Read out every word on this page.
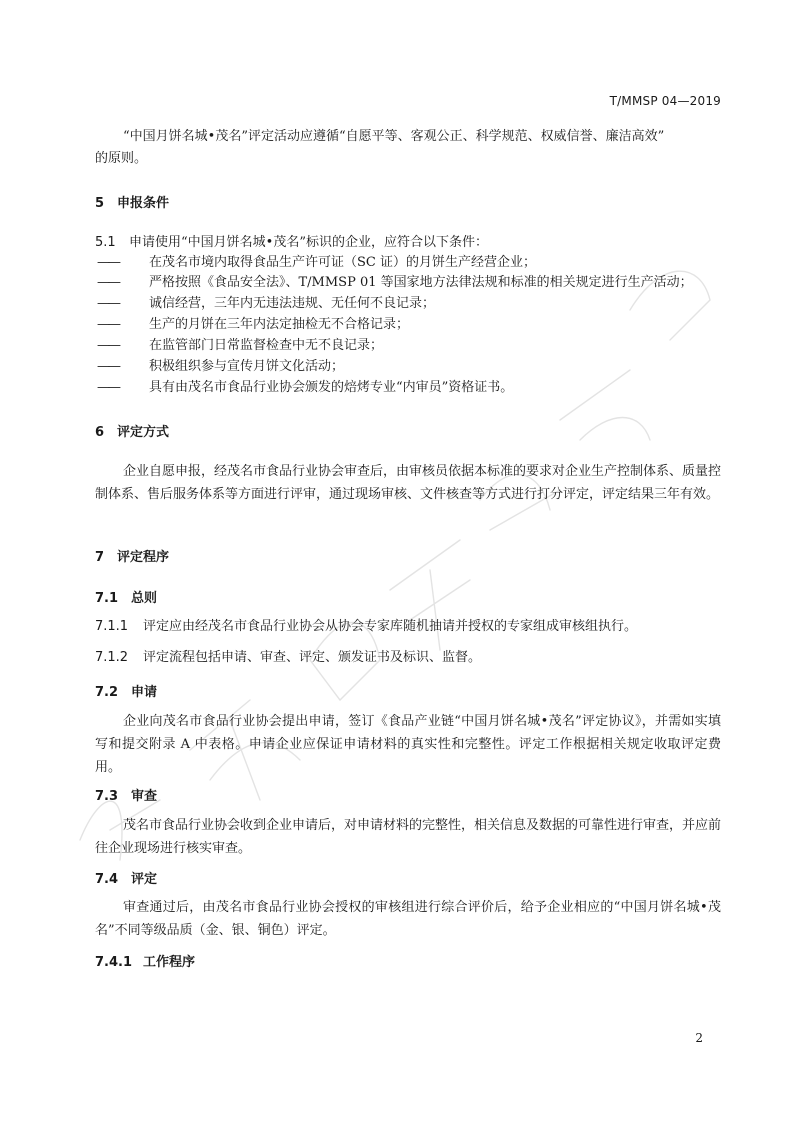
T/MMSP 04—2019
“中国月饼名城•茂名”评定活动应遵循“自愿平等、客观公正、科学规范、权威信誉、廉洁高效”
的原则。
5 申报条件
5.1 申请使用“中国月饼名城•茂名”标识的企业，应符合以下条件：
—— 在茂名市境内取得食品生产许可证（SC 证）的月饼生产经营企业；
—— 严格按照《食品安全法》、T/MMSP 01 等国家地方法律法规和标准的相关规定进行生产活动；
—— 诚信经营，三年内无违法违规、无任何不良记录；
—— 生产的月饼在三年内法定抽检无不合格记录；
—— 在监管部门日常监督检查中无不良记录；
—— 积极组织参与宣传月饼文化活动；
—— 具有由茂名市食品行业协会颁发的焙烤专业“内审员”资格证书。
6 评定方式
企业自愿申报，经茂名市食品行业协会审查后，由审核员依据本标准的要求对企业生产控制体系、质量控制体系、售后服务体系等方面进行评审，通过现场审核、文件核查等方式进行打分评定，评定结果三年有效。
7 评定程序
7.1 总则
7.1.1 评定应由经茂名市食品行业协会从协会专家库随机抽请并授权的专家组成审核组执行。
7.1.2 评定流程包括申请、审查、评定、颁发证书及标识、监督。
7.2 申请
企业向茂名市食品行业协会提出申请，签订《食品产业链“中国月饼名城•茂名”评定协议》，并需如实填写和提交附录 A 中表格。申请企业应保证申请材料的真实性和完整性。评定工作根据相关规定收取评定费用。
7.3 审查
茂名市食品行业协会收到企业申请后，对申请材料的完整性，相关信息及数据的可靠性进行审查，并应前往企业现场进行核实审查。
7.4 评定
审查通过后，由茂名市食品行业协会授权的审核组进行综合评价后，给予企业相应的“中国月饼名城•茂名”不同等级品质（金、银、铜色）评定。
7.4.1 工作程序
2
